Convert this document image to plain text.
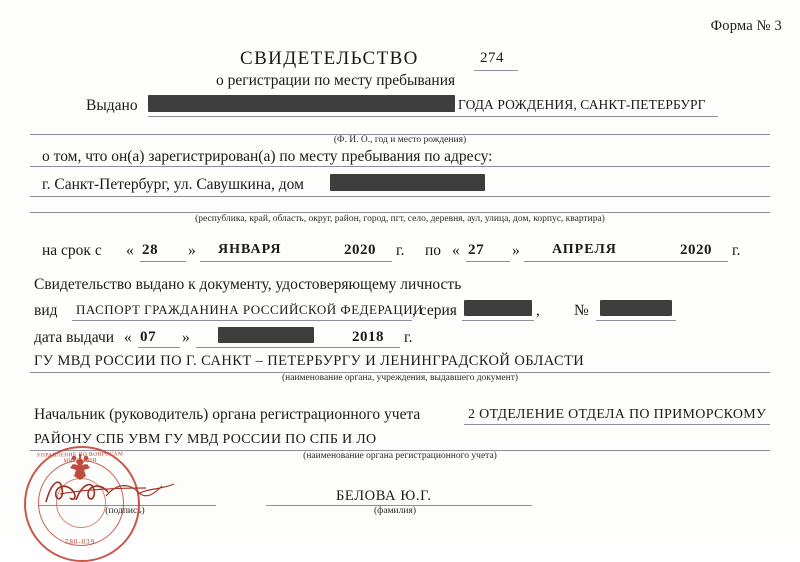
Форма № 3
СВИДЕТЕЛЬСТВО	274
о регистрации по месту пребывания
Выдано	ГОДА РОЖДЕНИЯ, САНКТ-ПЕТЕРБУРГ
(Ф. И. О., год и место рождения)
о том, что он(а) зарегистрирован(а) по месту пребывания по адресу:
г. Санкт-Петербург, ул. Савушкина, дом
(республика, край, область, округ, район, город, пгт, село, деревня, аул, улица, дом, корпус, квартира)
на срок с « 28 » ЯНВАРЯ	2020 г. по « 27 » АПРЕЛЯ	2020 г.
Свидетельство выдано к документу, удостоверяющему личность
вид ПАСПОРТ ГРАЖДАНИНА РОССИЙСКОЙ ФЕДЕРАЦИИ
, серия	, №
дата выдачи « 07 »	2018 г.
ГУ МВД РОССИИ ПО Г. САНКТ – ПЕТЕРБУРГУ И ЛЕНИНГРАДСКОЙ ОБЛАСТИ
(наименование органа, учреждения, выдавшего документ)
Начальник (руководитель) органа регистрационного учета	2 ОТДЕЛЕНИЕ ОТДЕЛА ПО ПРИМОРСКОМУ
РАЙОНУ СПБ УВМ ГУ МВД РОССИИ ПО СПБ И ЛО
(наименование органа регистрационного учета)
(подпись)
БЕЛОВА Ю.Г.
(фамилия)
УПРАВЛЕНИЕ ПО ВОПРОСАМ МИГРАЦИИ
780-039
